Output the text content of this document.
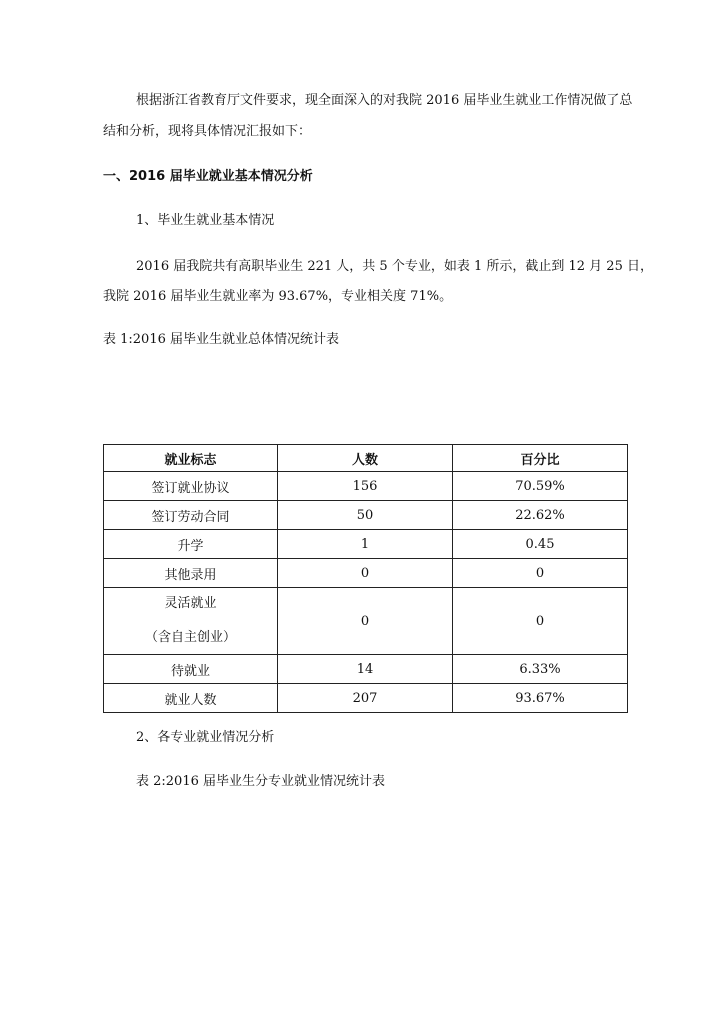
根据浙江省教育厅文件要求，现全面深入的对我院 2016 届毕业生就业工作情况做了总
结和分析，现将具体情况汇报如下：
一、2016 届毕业就业基本情况分析
1、毕业生就业基本情况
2016 届我院共有高职毕业生 221 人，共 5 个专业，如表 1 所示，截止到 12 月 25 日，
我院 2016 届毕业生就业率为 93.67%，专业相关度 71%。
表 1:2016 届毕业生就业总体情况统计表
就业标志	人数	百分比
签订就业协议	156	70.59%
签订劳动合同	50	22.62%
升学	1	0.45
其他录用	0	0

灵活就业
（含自主创业）	0	0
待就业	14	6.33%
就业人数	207	93.67%
2、各专业就业情况分析
表 2:2016 届毕业生分专业就业情况统计表
